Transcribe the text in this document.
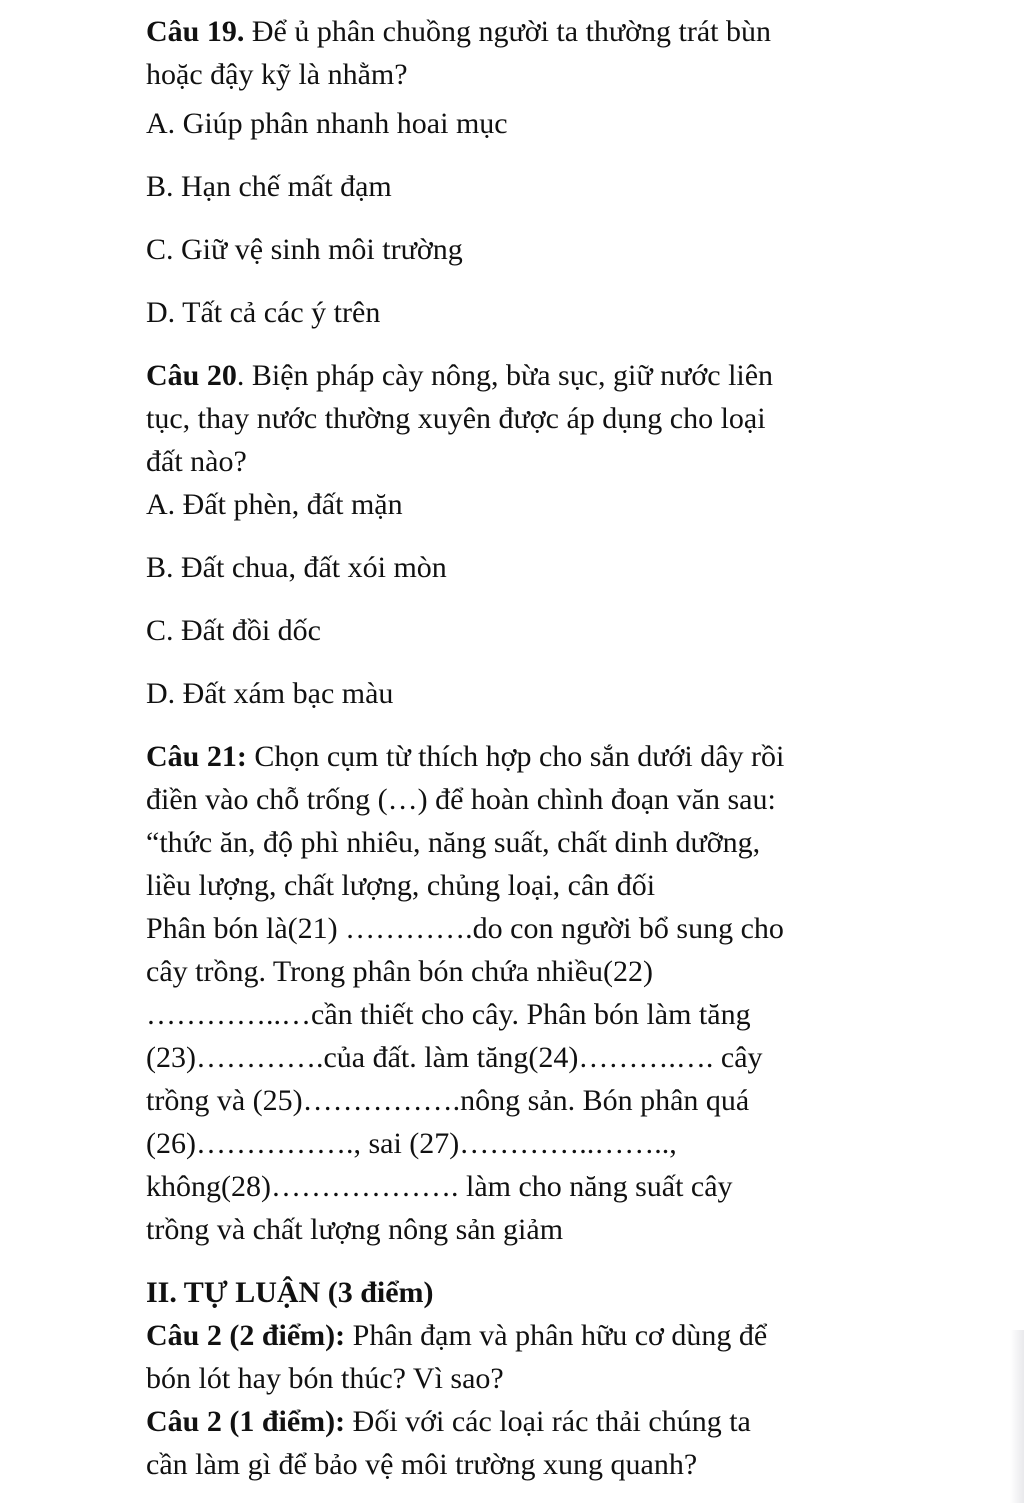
Câu 19. Để ủ phân chuồng người ta thường trát bùn

hoặc đậy kỹ là nhằm?

A. Giúp phân nhanh hoai mục

B. Hạn chế mất đạm

C. Giữ vệ sinh môi trường

D. Tất cả các ý trên

Câu 20. Biện pháp cày nông, bừa sục, giữ nước liên

tục, thay nước thường xuyên được áp dụng cho loại

đất nào?

A. Đất phèn, đất mặn

B. Đất chua, đất xói mòn

C. Đất đồi dốc

D. Đất xám bạc màu

Câu 21: Chọn cụm từ thích hợp cho sắn dưới dây rồi

điền vào chỗ trống (…) để hoàn chình đoạn văn sau:

“thức ăn, độ phì nhiêu, năng suất, chất dinh dưỡng,

liều lượng, chất lượng, chủng loại, cân đối

Phân bón là(21) ………….do con người bổ sung cho

cây trồng. Trong phân bón chứa nhiều(22)

…………..…cần thiết cho cây. Phân bón làm tăng

(23)………….của đất. làm tăng(24)……….…. cây

trồng và (25)…………….nông sản. Bón phân quá

(26)……………., sai (27)…………..……..,

không(28)………………. làm cho năng suất cây

trồng và chất lượng nông sản giảm

II. TỰ LUẬN (3 điểm)

Câu 2 (2 điểm): Phân đạm và phân hữu cơ dùng để

bón lót hay bón thúc? Vì sao?

Câu 2 (1 điểm): Đối với các loại rác thải chúng ta

cần làm gì để bảo vệ môi trường xung quanh?
